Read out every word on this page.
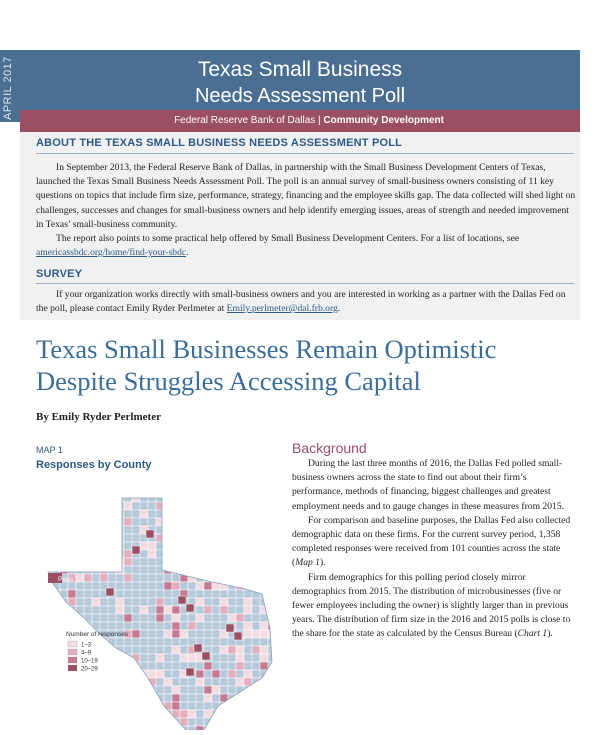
APRIL 2017	Texas Small Business
Needs Assessment Poll
Federal Reserve Bank of Dallas | Community Development
ABOUT THE TEXAS SMALL BUSINESS NEEDS ASSESSMENT POLL

In September 2013, the Federal Reserve Bank of Dallas, in partnership with the Small Business Development Centers of Texas, launched the Texas Small Business Needs Assessment Poll. The poll is an annual survey of small-business owners consisting of 11 key questions on topics that include firm size, performance, strategy, financing and the employee skills gap. The data collected will shed light on challenges, successes and changes for small-business owners and help identify emerging issues, areas of strength and needed improvement in Texas’ small-business community.

The report also points to some practical help offered by Small Business Development Centers. For a list of locations, see americassbdc.org/home/find-your-sbdc.

SURVEY

If your organization works directly with small-business owners and you are interested in working as a partner with the Dallas Fed on the poll, please contact Emily Ryder Perlmeter at Emily.perlmeter@dal.frb.org.

Texas Small Businesses Remain Optimistic Despite Struggles Accessing Capital
By Emily Ryder Perlmeter
MAP 1
Responses by County
Paso
Number of responses
1–3
4–9
10–19
20–29
Background

During the last three months of 2016, the Dallas Fed polled small-business owners across the state to find out about their firm’s performance, methods of financing, biggest challenges and greatest employment needs and to gauge changes in these measures from 2015.

For comparison and baseline purposes, the Dallas Fed also collected demographic data on these firms. For the current survey period, 1,358 completed responses were received from 101 counties across the state (Map 1).

Firm demographics for this polling period closely mirror demographics from 2015. The distribution of microbusinesses (five or fewer employees including the owner) is slightly larger than in previous years. The distribution of firm size in the 2016 and 2015 polls is close to the share for the state as calculated by the Census Bureau (Chart 1).
